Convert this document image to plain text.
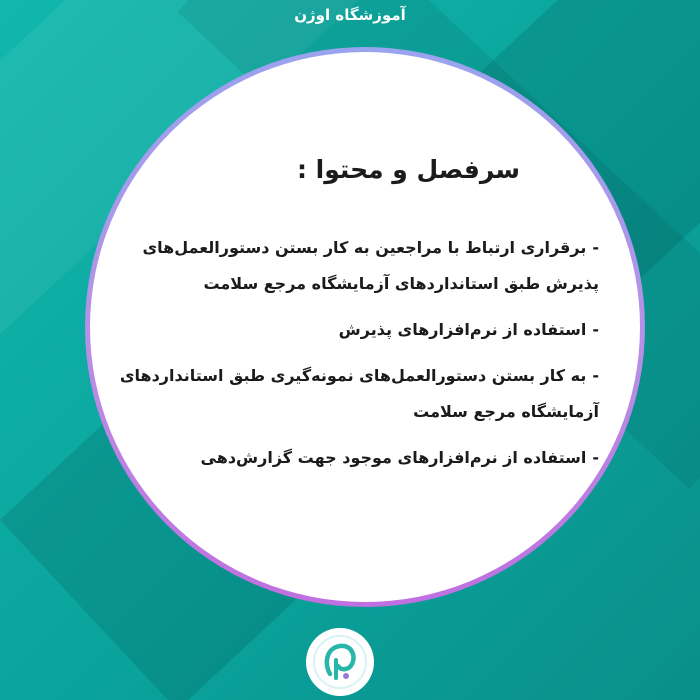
آموزشگاه اوژن
سرفصل و محتوا :
-برقراری ارتباط با مراجعین به کار بستن دستورالعمل‌های پذیرش طبق استانداردهای آزمایشگاه مرجع سلامت
-استفاده از نرم‌افزارهای پذیرش
-به کار بستن دستورالعمل‌های نمونه‌گیری طبق استانداردهای آزمایشگاه مرجع سلامت
-استفاده از نرم‌افزارهای موجود جهت گزارش‌دهی
